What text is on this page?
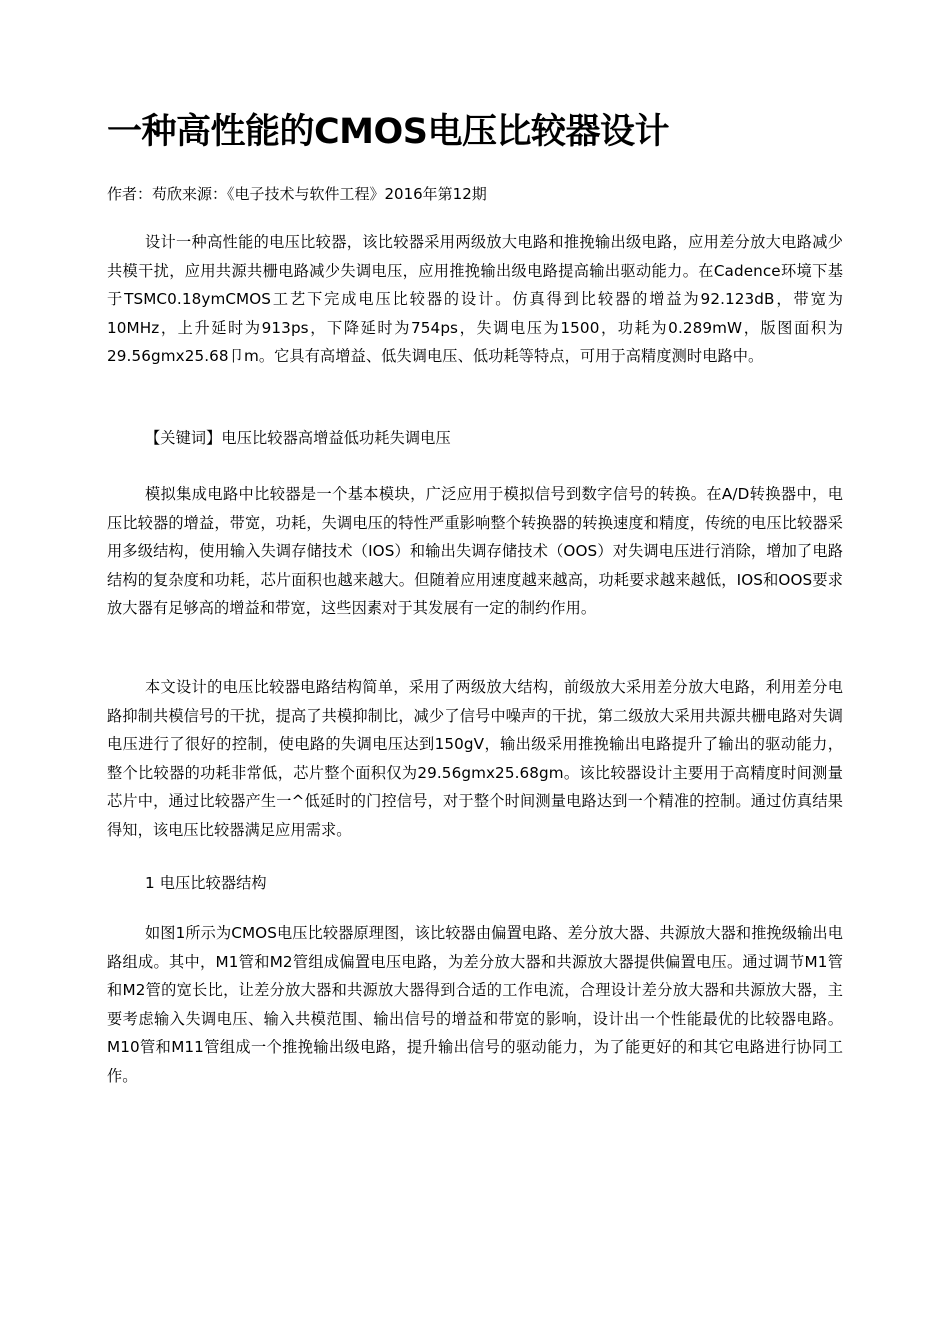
一种高性能的CMOS电压比较器设计

作者：苟欣来源：《电子技术与软件工程》2016年第12期

设计一种高性能的电压比较器，该比较器采用两级放大电路和推挽输出级电路，应用差分放大电路减少共模干扰，应用共源共栅电路减少失调电压，应用推挽输出级电路提高输出驱动能力。在Cadence环境下基于TSMC0.18ymCMOS工艺下完成电压比较器的设计。仿真得到比较器的增益为92.123dB，带宽为10MHz，上升延时为913ps，下降延时为754ps，失调电压为1500，功耗为0.289mW，版图面积为29.56gmx25.68卩m。它具有高增益、低失调电压、低功耗等特点，可用于高精度测时电路中。

【关键词】电压比较器高增益低功耗失调电压

模拟集成电路中比较器是一个基本模块，广泛应用于模拟信号到数字信号的转换。在A/D转换器中，电压比较器的增益，带宽，功耗，失调电压的特性严重影响整个转换器的转换速度和精度，传统的电压比较器采用多级结构，使用输入失调存储技术（IOS）和输出失调存储技术（OOS）对失调电压进行消除，增加了电路结构的复杂度和功耗，芯片面积也越来越大。但随着应用速度越来越高，功耗要求越来越低，IOS和OOS要求放大器有足够高的增益和带宽，这些因素对于其发展有一定的制约作用。

本文设计的电压比较器电路结构简单，采用了两级放大结构，前级放大采用差分放大电路，利用差分电路抑制共模信号的干扰，提高了共模抑制比，减少了信号中噪声的干扰，第二级放大采用共源共栅电路对失调电压进行了很好的控制，使电路的失调电压达到150gV，输出级采用推挽输出电路提升了输出的驱动能力，整个比较器的功耗非常低，芯片整个面积仅为29.56gmx25.68gm。该比较器设计主要用于高精度时间测量芯片中，通过比较器产生一^低延时的门控信号，对于整个时间测量电路达到一个精准的控制。通过仿真结果得知，该电压比较器满足应用需求。

1 电压比较器结构

如图1所示为CMOS电压比较器原理图，该比较器由偏置电路、差分放大器、共源放大器和推挽级输出电路组成。其中，M1管和M2管组成偏置电压电路，为差分放大器和共源放大器提供偏置电压。通过调节M1管和M2管的宽长比，让差分放大器和共源放大器得到合适的工作电流，合理设计差分放大器和共源放大器，主要考虑输入失调电压、输入共模范围、输出信号的增益和带宽的影响，设计出一个性能最优的比较器电路。M10管和M11管组成一个推挽输出级电路，提升输出信号的驱动能力，为了能更好的和其它电路进行协同工作。
